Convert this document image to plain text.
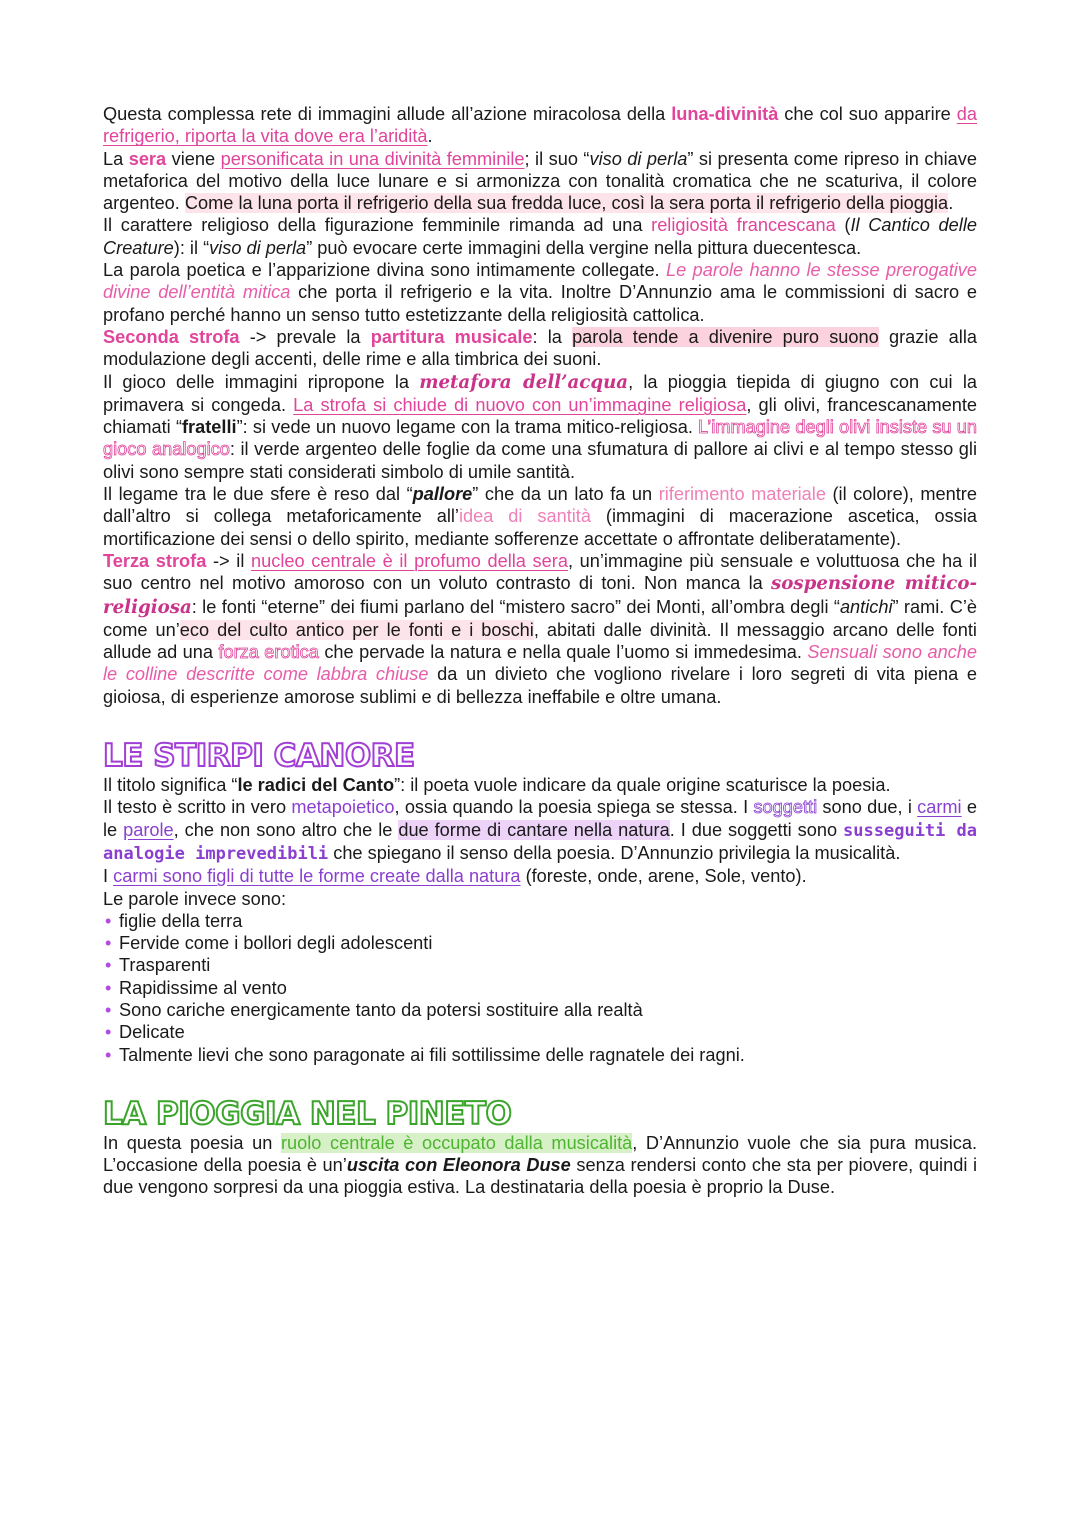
Questa complessa rete di immagini allude all’azione miracolosa della luna-divinità che col suo apparire da refrigerio, riporta la vita dove era l’aridità.

La sera viene personificata in una divinità femminile; il suo “viso di perla” si presenta come ripreso in chiave metaforica del motivo della luce lunare e si armonizza con tonalità cromatica che ne scaturiva, il colore argenteo. Come la luna porta il refrigerio della sua fredda luce, così la sera porta il refrigerio della pioggia.

Il carattere religioso della figurazione femminile rimanda ad una religiosità francescana (Il Cantico delle Creature): il “viso di perla” può evocare certe immagini della vergine nella pittura duecentesca.

La parola poetica e l’apparizione divina sono intimamente collegate. Le parole hanno le stesse prerogative divine dell’entità mitica che porta il refrigerio e la vita. Inoltre D’Annunzio ama le commissioni di sacro e profano perché hanno un senso tutto estetizzante della religiosità cattolica.

Seconda strofa -> prevale la partitura musicale: la parola tende a divenire puro suono grazie alla modulazione degli accenti, delle rime e alla timbrica dei suoni.

Il gioco delle immagini ripropone la metafora dell’acqua, la pioggia tiepida di giugno con cui la primavera si congeda. La strofa si chiude di nuovo con un’immagine religiosa, gli olivi, francescanamente chiamati “fratelli”: si vede un nuovo legame con la trama mitico-religiosa. L’immagine degli olivi insiste su un gioco analogico: il verde argenteo delle foglie da come una sfumatura di pallore ai clivi e al tempo stesso gli olivi sono sempre stati considerati simbolo di umile santità.

Il legame tra le due sfere è reso dal “pallore” che da un lato fa un riferimento materiale (il colore), mentre dall’altro si collega metaforicamente all’idea di santità (immagini di macerazione ascetica, ossia mortificazione dei sensi o dello spirito, mediante sofferenze accettate o affrontate deliberatamente).

Terza strofa -> il nucleo centrale è il profumo della sera, un’immagine più sensuale e voluttuosa che ha il suo centro nel motivo amoroso con un voluto contrasto di toni. Non manca la sospensione mitico-religiosa: le fonti “eterne” dei fiumi parlano del “mistero sacro” dei Monti, all’ombra degli “antichi” rami. C’è come un’eco del culto antico per le fonti e i boschi, abitati dalle divinità. Il messaggio arcano delle fonti allude ad una forza erotica che pervade la natura e nella quale l’uomo si immedesima. Sensuali sono anche le colline descritte come labbra chiuse da un divieto che vogliono rivelare i loro segreti di vita piena e gioiosa, di esperienze amorose sublimi e di bellezza ineffabile e oltre umana.

LE STIRPI CANORE

Il titolo significa “le radici del Canto”: il poeta vuole indicare da quale origine scaturisce la poesia.

Il testo è scritto in vero metapoietico, ossia quando la poesia spiega se stessa. I soggetti sono due, i carmi e le parole, che non sono altro che le due forme di cantare nella natura. I due soggetti sono susseguiti da analogie imprevedibili che spiegano il senso della poesia. D’Annunzio privilegia la musicalità.

I carmi sono figli di tutte le forme create dalla natura (foreste, onde, arene, Sole, vento).

Le parole invece sono:

• figlie della terra
• Fervide come i bollori degli adolescenti
• Trasparenti
• Rapidissime al vento
• Sono cariche energicamente tanto da potersi sostituire alla realtà
• Delicate
• Talmente lievi che sono paragonate ai fili sottilissime delle ragnatele dei ragni.
LA PIOGGIA NEL PINETO

In questa poesia un ruolo centrale è occupato dalla musicalità, D’Annunzio vuole che sia pura musica. L’occasione della poesia è un’uscita con Eleonora Duse senza rendersi conto che sta per piovere, quindi i due vengono sorpresi da una pioggia estiva. La destinataria della poesia è proprio la Duse.
